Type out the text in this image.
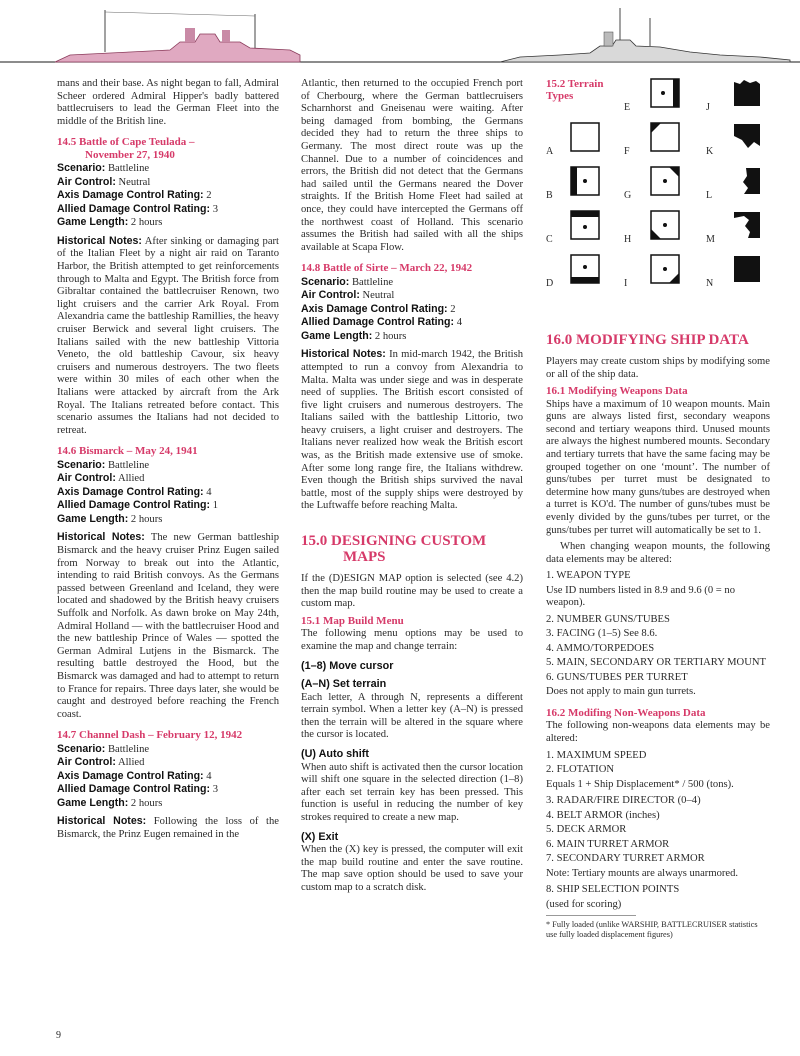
mans and their base. As night began to fall, Admiral Scheer ordered Admiral Hipper's badly battered battlecruisers to lead the German Fleet into the middle of the British line.

14.5 Battle of Cape Teulada –
November 27, 1940
Scenario: Battleline
Air Control: Neutral
Axis Damage Control Rating: 2
Allied Damage Control Rating: 3
Game Length: 2 hours

Historical Notes: After sinking or damaging part of the Italian Fleet by a night air raid on Taranto Harbor, the British attempted to get reinforcements through to Malta and Egypt. The British force from Gibraltar contained the battlecruiser Renown, two light cruisers and the carrier Ark Royal. From Alexandria came the battleship Ramillies, the heavy cruiser Berwick and several light cruisers. The Italians sailed with the new battleship Vittoria Veneto, the old battleship Cavour, six heavy cruisers and numerous destroyers. The two fleets were within 30 miles of each other when the Italians were attacked by aircraft from the Ark Royal. The Italians retreated before contact. This scenario assumes the Italians had not decided to retreat.

14.6 Bismarck – May 24, 1941
Scenario: Battleline
Air Control: Allied
Axis Damage Control Rating: 4
Allied Damage Control Rating: 1
Game Length: 2 hours

Historical Notes: The new German battleship Bismarck and the heavy cruiser Prinz Eugen sailed from Norway to break out into the Atlantic, intending to raid British convoys. As the Germans passed between Greenland and Iceland, they were located and shadowed by the British heavy cruisers Suffolk and Norfolk. As dawn broke on May 24th, Admiral Holland — with the battlecruiser Hood and the new battleship Prince of Wales — spotted the German Admiral Lutjens in the Bismarck. The resulting battle destroyed the Hood, but the Bismarck was damaged and had to attempt to return to France for repairs. Three days later, she would be caught and destroyed before reaching the French coast.

14.7 Channel Dash – February 12, 1942
Scenario: Battleline
Air Control: Allied
Axis Damage Control Rating: 4
Allied Damage Control Rating: 3
Game Length: 2 hours

Historical Notes: Following the loss of the Bismarck, the Prinz Eugen remained in the

Atlantic, then returned to the occupied French port of Cherbourg, where the German battlecruisers Scharnhorst and Gneisenau were waiting. After being damaged from bombing, the Germans decided they had to return the three ships to Germany. The most direct route was up the Channel. Due to a number of coincidences and errors, the British did not detect that the Germans had sailed until the Germans neared the Dover straights. If the British Home Fleet had sailed at once, they could have intercepted the Germans off the northwest coast of Holland. This scenario assumes the British had sailed with all the ships available at Scapa Flow.

14.8 Battle of Sirte – March 22, 1942
Scenario: Battleline
Air Control: Neutral
Axis Damage Control Rating: 2
Allied Damage Control Rating: 4
Game Length: 2 hours

Historical Notes: In mid-march 1942, the British attempted to run a convoy from Alexandria to Malta. Malta was under siege and was in desperate need of supplies. The British escort consisted of five light cruisers and numerous destroyers. The Italians sailed with the battleship Littorio, two heavy cruisers, a light cruiser and destroyers. The Italians never realized how weak the British escort was, as the British made extensive use of smoke. After some long range fire, the Italians withdrew. Even though the British ships survived the naval battle, most of the supply ships were destroyed by the Luftwaffe before reaching Malta.

15.0 DESIGNING CUSTOM
MAPS

If the (D)ESIGN MAP option is selected (see 4.2) then the map build routine may be used to create a custom map.

15.1 Map Build Menu

The following menu options may be used to examine the map and change terrain:

(1–8) Move cursor
(A–N) Set terrain

Each letter, A through N, represents a different terrain symbol. When a letter key (A–N) is pressed then the terrain will be altered in the square where the cursor is located.

(U) Auto shift

When auto shift is activated then the cursor location will shift one square in the selected direction (1–8) after each set terrain key has been pressed. This function is useful in reducing the number of key strokes required to create a new map.

(X) Exit

When the (X) key is pressed, the computer will exit the map build routine and enter the save routine. The map save option should be used to save your custom map to a scratch disk.

15.2 Terrain
Types
A
B
C
D
E
F
G
H
I
J
K
L
M
N
16.0 MODIFYING SHIP DATA

Players may create custom ships by modifying some or all of the ship data.

16.1 Modifying Weapons Data

Ships have a maximum of 10 weapon mounts. Main guns are always listed first, secondary weapons second and tertiary weapons third. Unused mounts are always the highest numbered mounts. Secondary and tertiary turrets that have the same facing may be grouped together on one ‘mount’. The number of guns/tubes per turret must be designated to determine how many guns/tubes are destroyed when a turret is KO'd. The number of guns/tubes must be evenly divided by the guns/tubes per turret, or the guns/tubes per turret will automatically be set to 1.

When changing weapon mounts, the following data elements may be altered:

1. WEAPON TYPE
Use ID numbers listed in 8.9 and 9.6 (0 = no weapon).
2. NUMBER GUNS/TUBES
3. FACING (1–5) See 8.6.
4. AMMO/TORPEDOES
5. MAIN, SECONDARY OR TERTIARY MOUNT
6. GUNS/TUBES PER TURRET
Does not apply to main gun turrets.
16.2 Modifing Non-Weapons Data

The following non-weapons data elements may be altered:

1. MAXIMUM SPEED
2. FLOTATION
Equals 1 + Ship Displacement* / 500 (tons).
3. RADAR/FIRE DIRECTOR (0–4)
4. BELT ARMOR (inches)
5. DECK ARMOR
6. MAIN TURRET ARMOR
7. SECONDARY TURRET ARMOR
Note: Tertiary mounts are always unarmored.
8. SHIP SELECTION POINTS
(used for scoring)
* Fully loaded (unlike WARSHIP, BATTLECRUISER statistics use fully loaded displacement figures)
9
